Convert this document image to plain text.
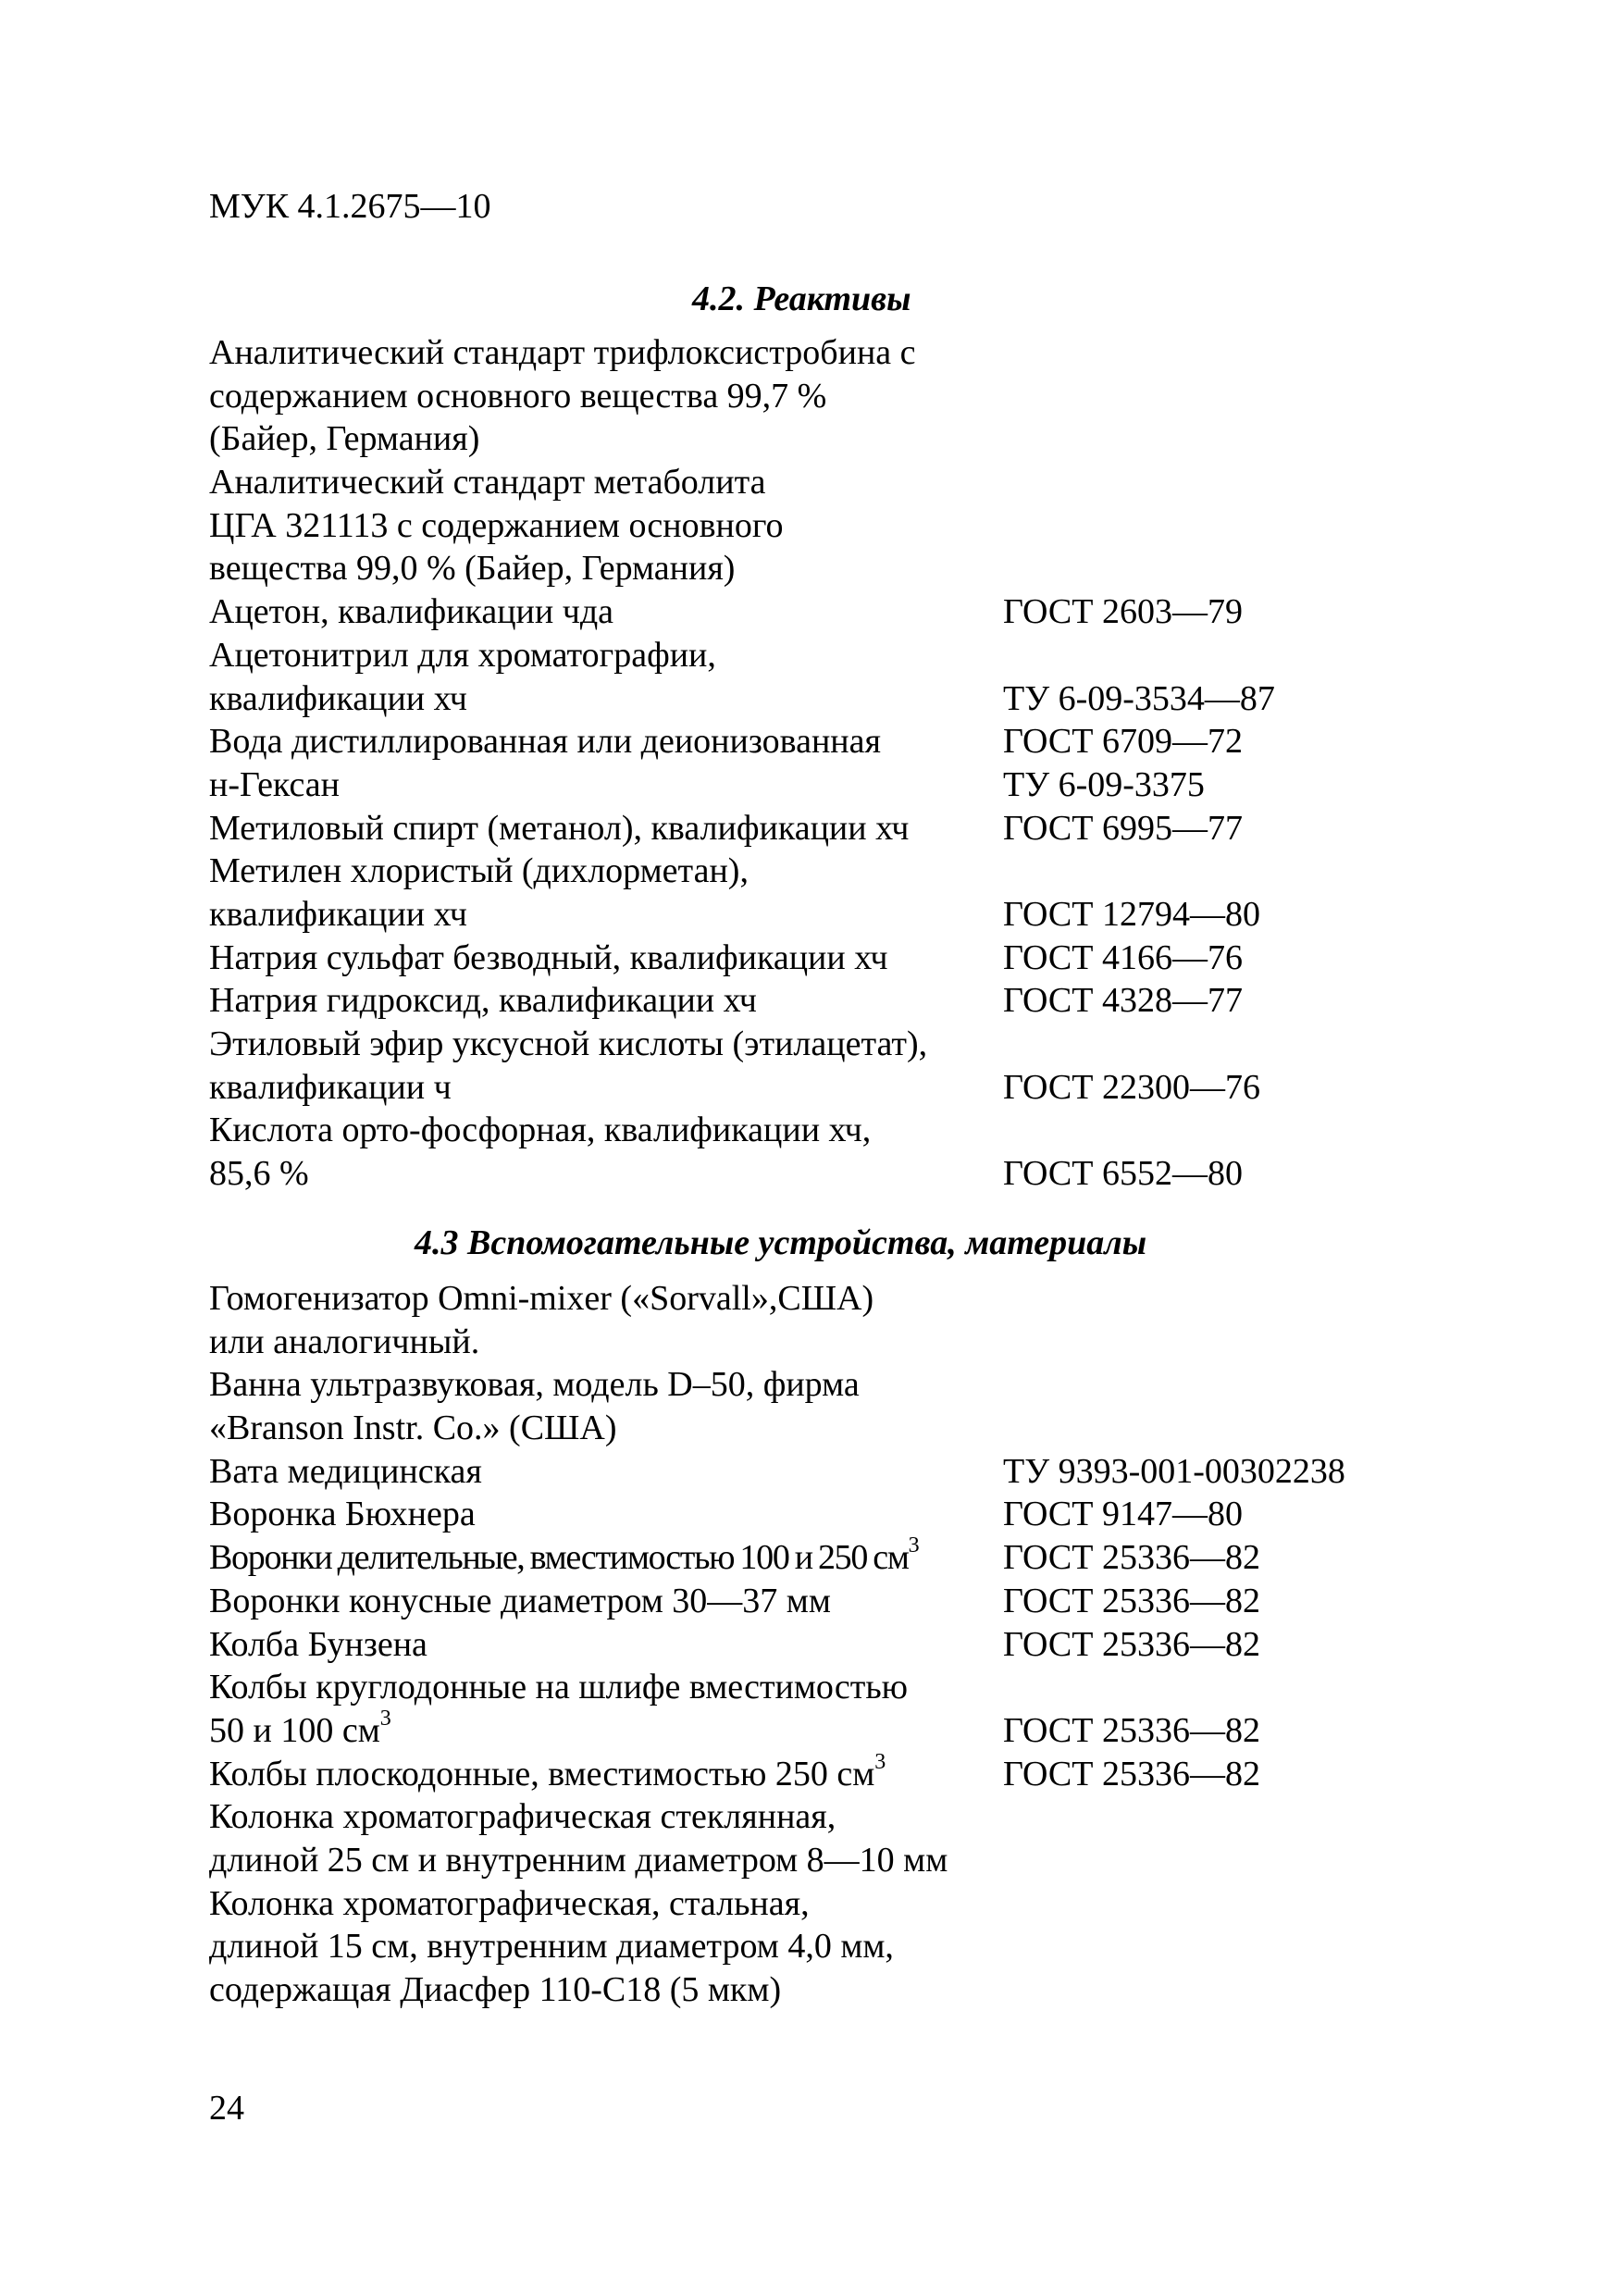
МУК 4.1.2675—10
4.2. Реактивы
Аналитический стандарт трифлоксистробина с
содержанием основного вещества 99,7 %
(Байер, Германия)
Аналитический стандарт метаболита
ЦГА 321113 с содержанием основного
вещества 99,0 % (Байер, Германия)
Ацетон, квалификации чда	ГОСТ 2603—79
Ацетонитрил для хроматографии,
квалификации хч	ТУ 6-09-3534—87
Вода дистиллированная или деионизованная	ГОСТ 6709—72
н-Гексан	ТУ 6-09-3375
Метиловый спирт (метанол), квалификации хч	ГОСТ 6995—77
Метилен хлористый (дихлорметан),
квалификации хч	ГОСТ 12794—80
Натрия сульфат безводный, квалификации хч	ГОСТ 4166—76
Натрия гидроксид, квалификации хч	ГОСТ 4328—77
Этиловый эфир уксусной кислоты (этилацетат),
квалификации ч	ГОСТ 22300—76
Кислота орто-фосфорная, квалификации хч,
85,6 %	ГОСТ 6552—80
4.3 Вспомогательные устройства, материалы
Гомогенизатор Omni-mixer («Sorvall»,США)
или аналогичный.
Ванна ультразвуковая, модель D–50, фирма
«Branson Instr. Co.» (США)
Вата медицинская	ТУ 9393-001-00302238
Воронка Бюхнера	ГОСТ 9147—80
Воронки делительные, вместимостью 100 и 250 $см^3$	ГОСТ 25336—82
Воронки конусные диаметром 30—37 мм	ГОСТ 25336—82
Колба Бунзена	ГОСТ 25336—82
Колбы круглодонные на шлифе вместимостью
50 и 100 $см^3$	ГОСТ 25336—82
Колбы плоскодонные, вместимостью 250 $см^3$	ГОСТ 25336—82
Колонка хроматографическая стеклянная,
длиной 25 см и внутренним диаметром 8—10 мм
Колонка хроматографическая, стальная,
длиной 15 см, внутренним диаметром 4,0 мм,
содержащая Диасфер 110-С18 (5 мкм)
24
